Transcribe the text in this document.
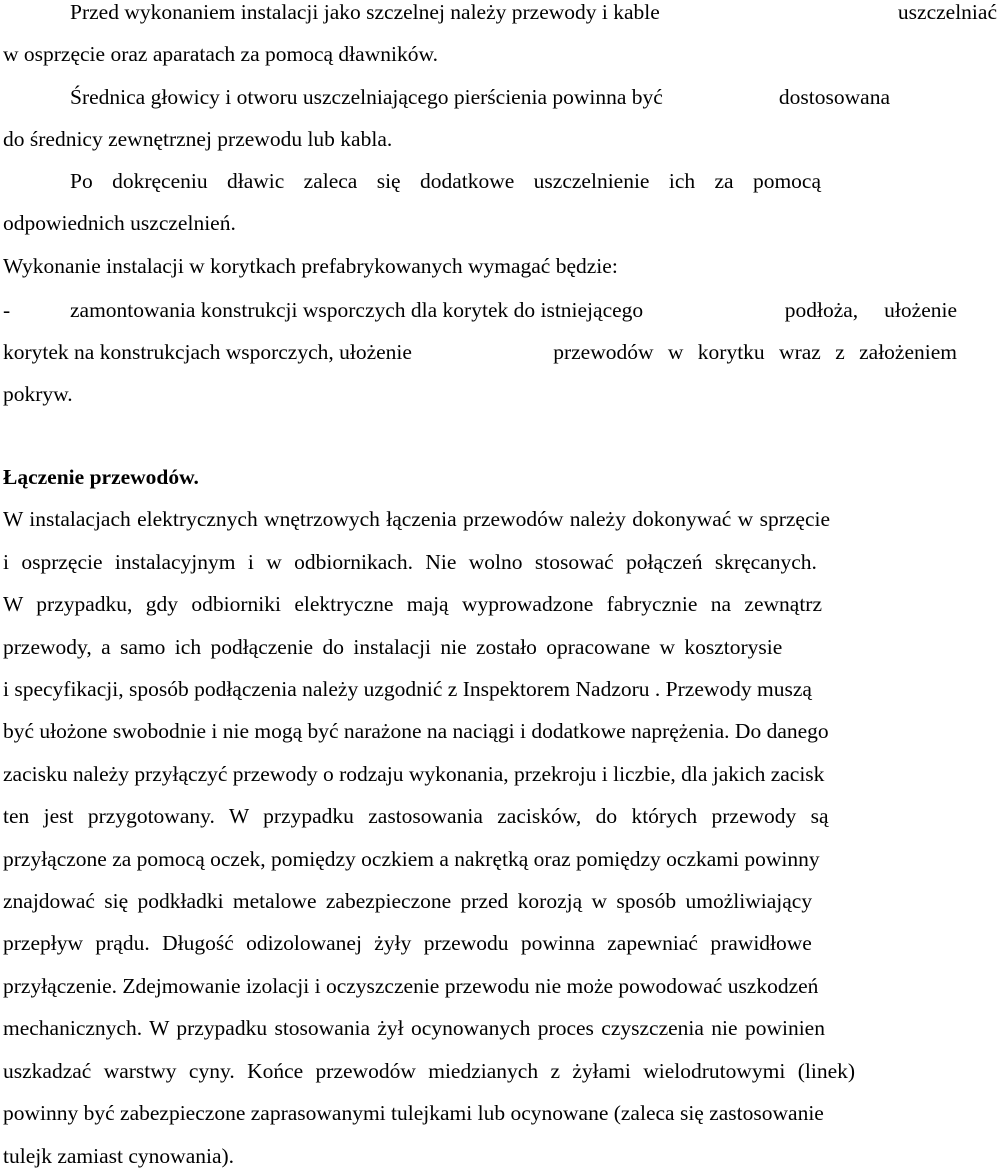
Przed wykonaniem instalacji jako szczelnej należy przewody i kable	uszczelniać
w osprzęcie oraz aparatach za pomocą dławników.
Średnica głowicy i otworu uszczelniającego pierścienia powinna być	dostosowana
do średnicy zewnętrznej przewodu lub kabla.
Po dokręceniu dławic zaleca się dodatkowe uszczelnienie ich za pomocą
odpowiednich uszczelnień.
Wykonanie instalacji w korytkach prefabrykowanych wymagać będzie:
-	zamontowania konstrukcji wsporczych dla korytek do istniejącego	podłoża, ułożenie
korytek na konstrukcjach wsporczych, ułożenie	przewodów w korytku wraz z założeniem
pokryw.
Łączenie przewodów.
W instalacjach elektrycznych wnętrzowych łączenia przewodów należy dokonywać w sprzęcie
i osprzęcie instalacyjnym i w odbiornikach. Nie wolno stosować połączeń skręcanych.
W przypadku, gdy odbiorniki elektryczne mają wyprowadzone fabrycznie na zewnątrz
przewody, a samo ich podłączenie do instalacji nie zostało opracowane w kosztorysie
i specyfikacji, sposób podłączenia należy uzgodnić z Inspektorem Nadzoru . Przewody muszą
być ułożone swobodnie i nie mogą być narażone na naciągi i dodatkowe naprężenia. Do danego
zacisku należy przyłączyć przewody o rodzaju wykonania, przekroju i liczbie, dla jakich zacisk
ten jest przygotowany. W przypadku zastosowania zacisków, do których przewody są
przyłączone za pomocą oczek, pomiędzy oczkiem a nakrętką oraz pomiędzy oczkami powinny
znajdować się podkładki metalowe zabezpieczone przed korozją w sposób umożliwiający
przepływ prądu. Długość odizolowanej żyły przewodu powinna zapewniać prawidłowe
przyłączenie. Zdejmowanie izolacji i oczyszczenie przewodu nie może powodować uszkodzeń
mechanicznych. W przypadku stosowania żył ocynowanych proces czyszczenia nie powinien
uszkadzać warstwy cyny. Końce przewodów miedzianych z żyłami wielodrutowymi (linek)
powinny być zabezpieczone zaprasowanymi tulejkami lub ocynowane (zaleca się zastosowanie
tulejk zamiast cynowania).
